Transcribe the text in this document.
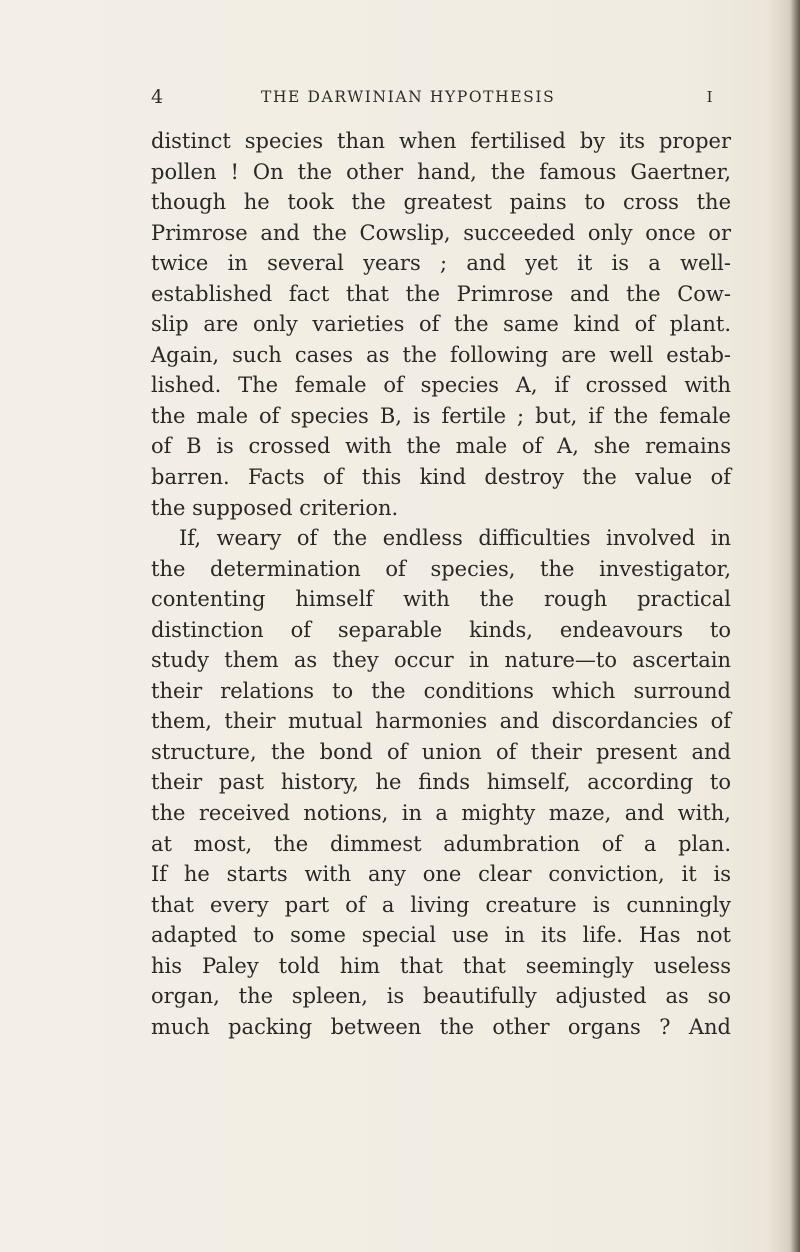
4	THE DARWINIAN HYPOTHESIS	I
distinct species than when fertilised by its proper
pollen ! On the other hand, the famous Gaertner,
though he took the greatest pains to cross the
Primrose and the Cowslip, succeeded only once or
twice in several years ; and yet it is a well-
established fact that the Primrose and the Cow-
slip are only varieties of the same kind of plant.
Again, such cases as the following are well estab-
lished. The female of species A, if crossed with
the male of species B, is fertile ; but, if the female
of B is crossed with the male of A, she remains
barren. Facts of this kind destroy the value of
the supposed criterion.
If, weary of the endless difficulties involved in
the determination of species, the investigator,
contenting himself with the rough practical
distinction of separable kinds, endeavours to
study them as they occur in nature—to ascertain
their relations to the conditions which surround
them, their mutual harmonies and discordancies of
structure, the bond of union of their present and
their past history, he finds himself, according to
the received notions, in a mighty maze, and with,
at most, the dimmest adumbration of a plan.
If he starts with any one clear conviction, it is
that every part of a living creature is cunningly
adapted to some special use in its life. Has not
his Paley told him that that seemingly useless
organ, the spleen, is beautifully adjusted as so
much packing between the other organs ? And
